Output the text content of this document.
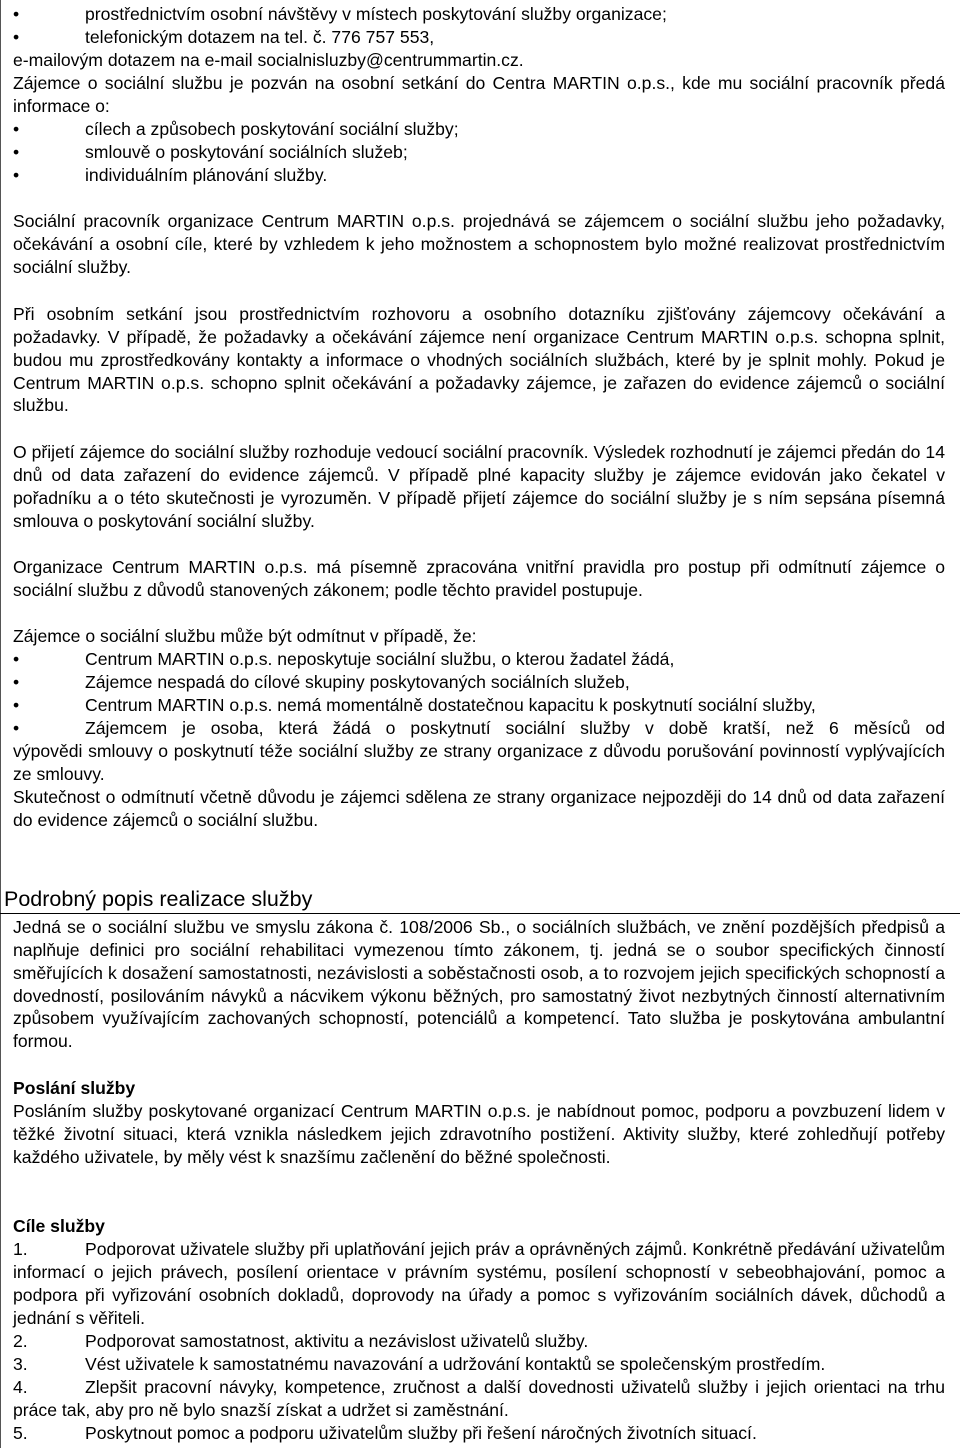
•	prostřednictvím osobní návštěvy v místech poskytování služby organizace;
•	telefonickým dotazem na tel. č. 776 757 553,

e-mailovým dotazem na e-mail socialnisluzby@centrummartin.cz.

Zájemce o sociální službu je pozván na osobní setkání do Centra MARTIN o.p.s., kde mu sociální pracovník předá informace o:

•	cílech a způsobech poskytování sociální služby;
•	smlouvě o poskytování sociálních služeb;
•	individuálním plánování služby.

Sociální pracovník organizace Centrum MARTIN o.p.s. projednává se zájemcem o sociální službu jeho požadavky, očekávání a osobní cíle, které by vzhledem k jeho možnostem a schopnostem bylo možné realizovat prostřednictvím sociální služby.

Při osobním setkání jsou prostřednictvím rozhovoru a osobního dotazníku zjišťovány zájemcovy očekávání a požadavky. V případě, že požadavky a očekávání zájemce není organizace Centrum MARTIN o.p.s. schopna splnit, budou mu zprostředkovány kontakty a informace o vhodných sociálních službách, které by je splnit mohly. Pokud je Centrum MARTIN o.p.s. schopno splnit očekávání a požadavky zájemce, je zařazen do evidence zájemců o sociální službu.

O přijetí zájemce do sociální služby rozhoduje vedoucí sociální pracovník. Výsledek rozhodnutí je zájemci předán do 14 dnů od data zařazení do evidence zájemců. V případě plné kapacity služby je zájemce evidován jako čekatel v pořadníku a o této skutečnosti je vyrozuměn. V případě přijetí zájemce do sociální služby je s ním sepsána písemná smlouva o poskytování sociální služby.

Organizace Centrum MARTIN o.p.s. má písemně zpracována vnitřní pravidla pro postup při odmítnutí zájemce o sociální službu z důvodů stanovených zákonem; podle těchto pravidel postupuje.

Zájemce o sociální službu může být odmítnut v případě, že:

•	Centrum MARTIN o.p.s. neposkytuje sociální službu, o kterou žadatel žádá,
•	Zájemce nespadá do cílové skupiny poskytovaných sociálních služeb,
•	Centrum MARTIN o.p.s. nemá momentálně dostatečnou kapacitu k poskytnutí sociální služby,
•	Zájemcem je osoba, která žádá o poskytnutí sociální služby v době kratší, než 6 měsíců od

výpovědi smlouvy o poskytnutí téže sociální služby ze strany organizace z důvodu porušování povinností vyplývajících ze smlouvy.

Skutečnost o odmítnutí včetně důvodu je zájemci sdělena ze strany organizace nejpozději do 14 dnů od data zařazení do evidence zájemců o sociální službu.

Podrobný popis realizace služby

Jedná se o sociální službu ve smyslu zákona č. 108/2006 Sb., o sociálních službách, ve znění pozdějších předpisů a naplňuje definici pro sociální rehabilitaci vymezenou tímto zákonem, tj. jedná se o soubor specifických činností směřujících k dosažení samostatnosti, nezávislosti a soběstačnosti osob, a to rozvojem jejich specifických schopností a dovedností, posilováním návyků a nácvikem výkonu běžných, pro samostatný život nezbytných činností alternativním způsobem využívajícím zachovaných schopností, potenciálů a kompetencí. Tato služba je poskytována ambulantní formou.

Poslání služby

Posláním služby poskytované organizací Centrum MARTIN o.p.s. je nabídnout pomoc, podporu a povzbuzení lidem v těžké životní situaci, která vznikla následkem jejich zdravotního postižení. Aktivity služby, které zohledňují potřeby každého uživatele, by měly vést k snazšímu začlenění do běžné společnosti.

Cíle služby

1.	Podporovat uživatele služby při uplatňování jejich práv a oprávněných zájmů. Konkrétně předávání uživatelům informací o jejich právech, posílení orientace v právním systému, posílení schopností v sebeobhajování, pomoc a podpora při vyřizování osobních dokladů, doprovody na úřady a pomoc s vyřizováním sociálních dávek, důchodů a jednání s věřiteli.

2.	Podporovat samostatnost, aktivitu a nezávislost uživatelů služby.

3.	Vést uživatele k samostatnému navazování a udržování kontaktů se společenským prostředím.

4.	Zlepšit pracovní návyky, kompetence, zručnost a další dovednosti uživatelů služby i jejich orientaci na trhu práce tak, aby pro ně bylo snazší získat a udržet si zaměstnání.

5.	Poskytnout pomoc a podporu uživatelům služby při řešení náročných životních situací.
